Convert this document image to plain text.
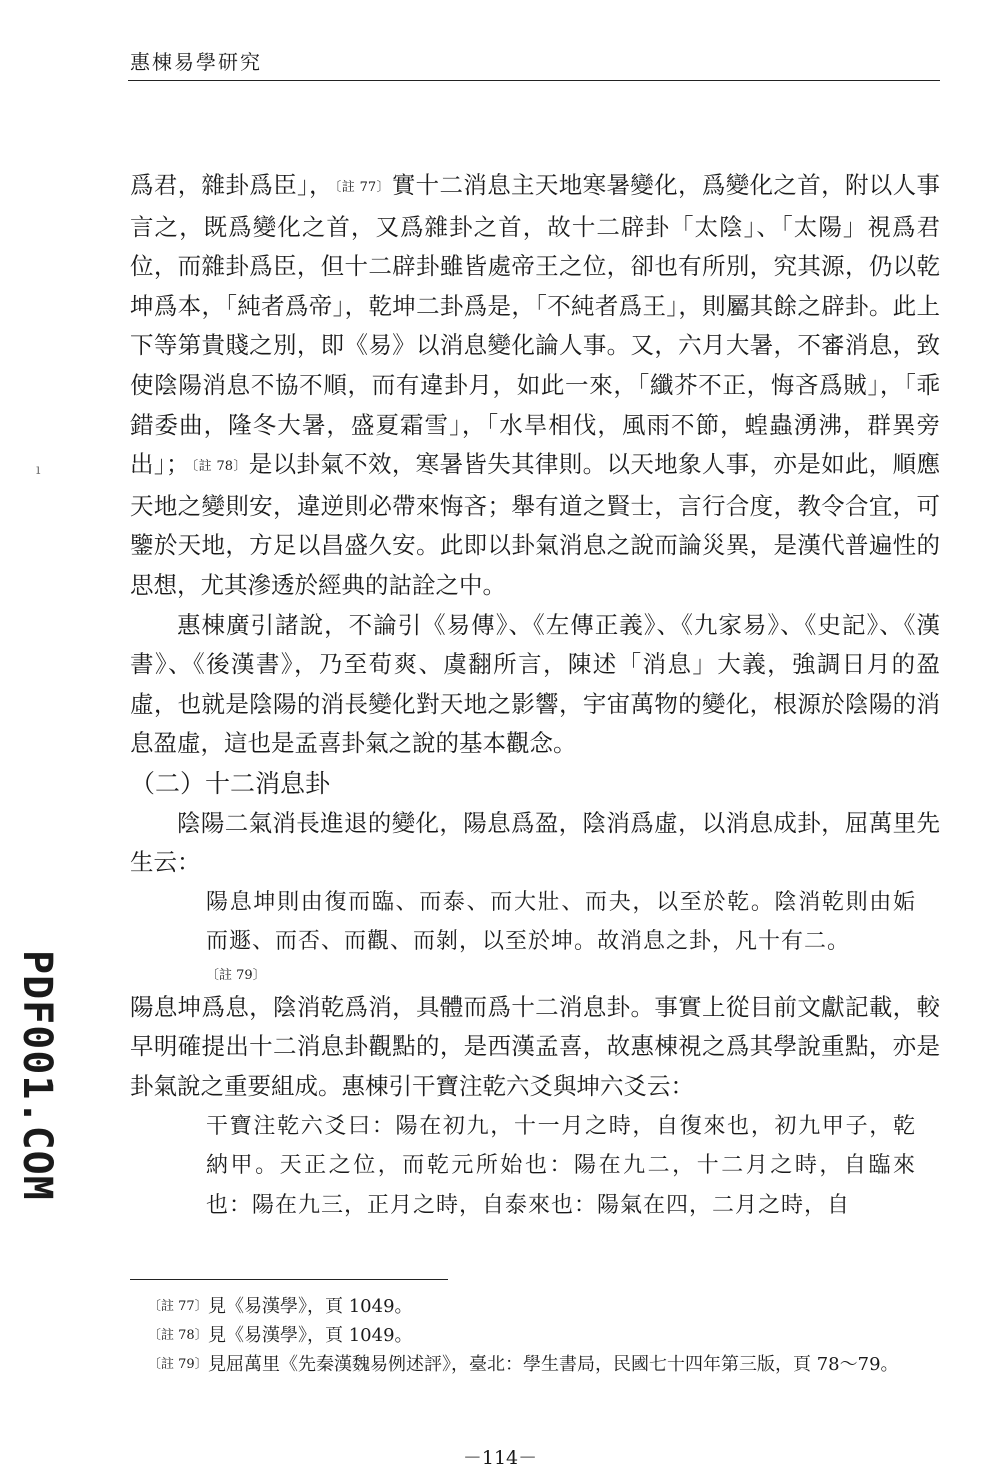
惠棟易學研究
ı

爲君，雜卦爲臣」， 〔註 77〕實十二消息主天地寒暑變化，爲變化之首，附以人事言之，既爲變化之首，又爲雜卦之首，故十二辟卦「太陰」、「太陽」視爲君位，而雜卦爲臣，但十二辟卦雖皆處帝王之位，卻也有所別，究其源，仍以乾坤爲本，「純者爲帝」，乾坤二卦爲是，「不純者爲王」，則屬其餘之辟卦。此上下等第貴賤之別，即《易》以消息變化論人事。又，六月大暑，不審消息，致使陰陽消息不協不順，而有違卦月，如此一來，「纖芥不正，悔吝爲賊」，「乖錯委曲，隆冬大暑，盛夏霜雪」，「水旱相伐，風雨不節，蝗蟲湧沸，群異旁出」； 〔註 78〕是以卦氣不效，寒暑皆失其律則。以天地象人事，亦是如此，順應天地之變則安，違逆則必帶來悔吝；舉有道之賢士，言行合度，教令合宜，可鑒於天地，方足以昌盛久安。此即以卦氣消息之說而論災異，是漢代普遍性的思想，尤其滲透於經典的詁詮之中。

惠棟廣引諸說，不論引《易傳》、《左傳正義》、《九家易》、《史記》、《漢書》、《後漢書》，乃至荀爽、虞翻所言，陳述「消息」大義，強調日月的盈虛，也就是陰陽的消長變化對天地之影響，宇宙萬物的變化，根源於陰陽的消息盈虛，這也是孟喜卦氣之說的基本觀念。

（二）十二消息卦

陰陽二氣消長進退的變化，陽息爲盈，陰消爲虛，以消息成卦，屈萬里先生云：

陽息坤則由復而臨、而泰、而大壯、而夬，以至於乾。陰消乾則由姤而遯、而否、而觀、而剝，以至於坤。故消息之卦，凡十有二。

〔註 79〕

陽息坤爲息，陰消乾爲消，具體而爲十二消息卦。事實上從目前文獻記載，較早明確提出十二消息卦觀點的，是西漢孟喜，故惠棟視之爲其學說重點，亦是卦氣說之重要組成。惠棟引干寶注乾六爻與坤六爻云：

干寶注乾六爻曰：陽在初九，十一月之時，自復來也，初九甲子，乾納甲。天正之位，而乾元所始也：陽在九二，十二月之時，自臨來也：陽在九三，正月之時，自泰來也：陽氣在四，二月之時，自

〔註 77〕 見《易漢學》，頁 1049。
〔註 78〕 見《易漢學》，頁 1049。
〔註 79〕 見屈萬里《先秦漢魏易例述評》，臺北：學生書局，民國七十四年第三版，頁 78～79。
PDF001.COM
－114－
